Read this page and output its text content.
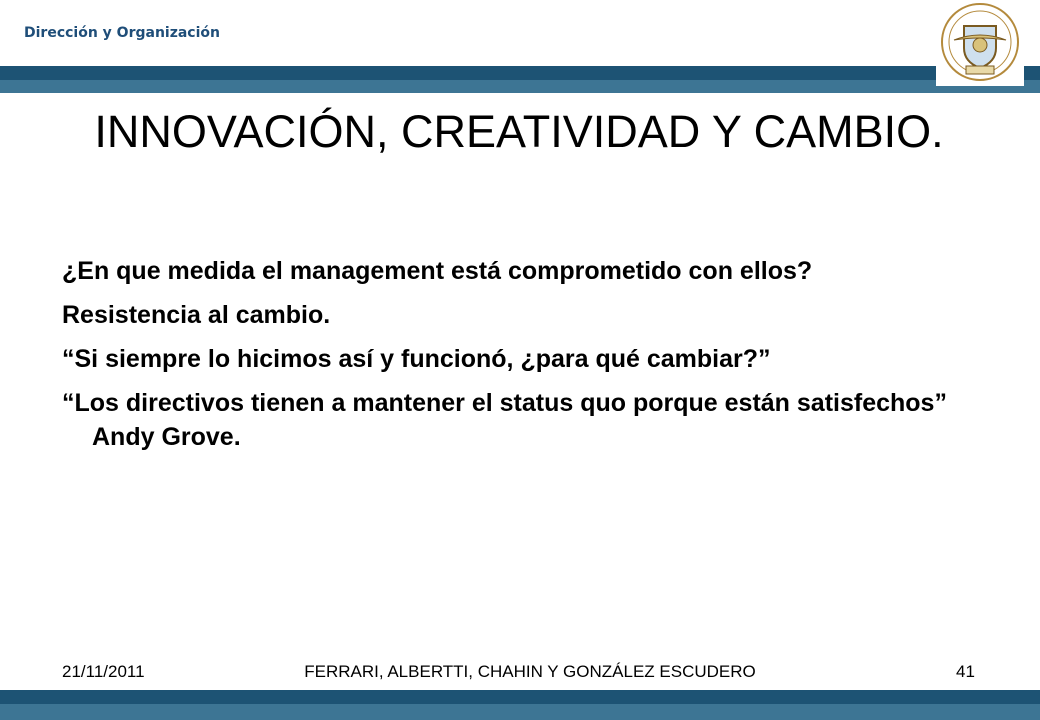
Dirección y Organización
INNOVACIÓN, CREATIVIDAD Y CAMBIO.
¿En que medida el management está comprometido con ellos?
Resistencia al cambio.
“Si siempre lo hicimos así y funcionó, ¿para qué cambiar?”
“Los directivos tienen a mantener el status quo porque están satisfechos” Andy Grove.
21/11/2011	FERRARI, ALBERTTI, CHAHIN Y GONZÁLEZ ESCUDERO	41
